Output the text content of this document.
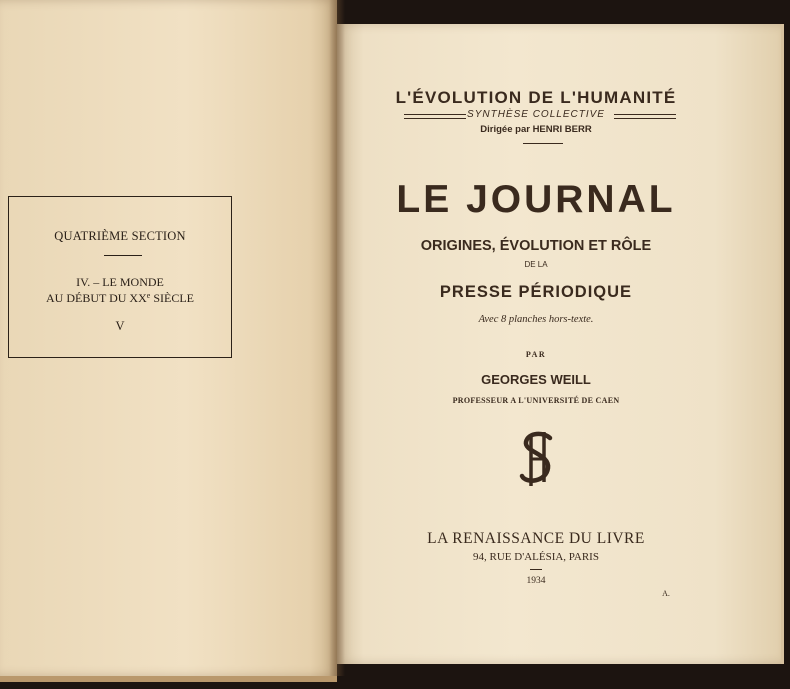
QUATRIÈME SECTION
IV. – LE MONDE
AU DÉBUT DU XXe SIÈCLE
V
L'ÉVOLUTION DE L'HUMANITÉ
SYNTHÈSE COLLECTIVE
Dirigée par HENRI BERR
LE JOURNAL
ORIGINES, ÉVOLUTION ET RÔLE
DE LA
PRESSE PÉRIODIQUE
Avec 8 planches hors-texte.
PAR
GEORGES WEILL
PROFESSEUR A L'UNIVERSITÉ DE CAEN
LA RENAISSANCE DU LIVRE
94, RUE D'ALÉSIA, PARIS
1934
A.
